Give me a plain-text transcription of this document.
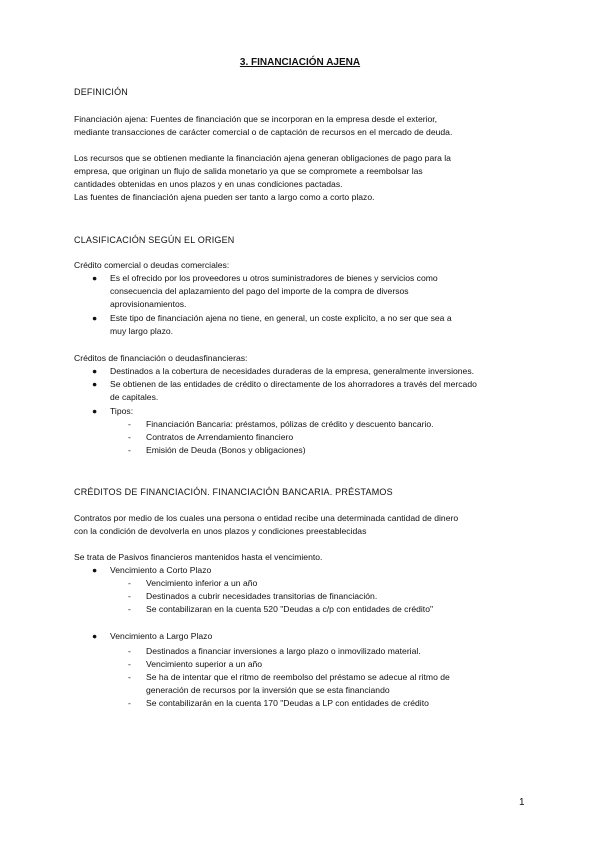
3. FINANCIACIÓN AJENA
DEFINICIÓN
Financiación ajena: Fuentes de financiación que se incorporan en la empresa desde el exterior,
mediante transacciones de carácter comercial o de captación de recursos en el mercado de deuda.
Los recursos que se obtienen mediante la financiación ajena generan obligaciones de pago para la
empresa, que originan un flujo de salida monetario ya que se compromete a reembolsar las
cantidades obtenidas en unos plazos y en unas condiciones pactadas.
Las fuentes de financiación ajena pueden ser tanto a largo como a corto plazo.
CLASIFICACIÓN SEGÚN EL ORIGEN
Crédito comercial o deudas comerciales:
● Es el ofrecido por los proveedores u otros suministradores de bienes y servicios como
consecuencia del aplazamiento del pago del importe de la compra de diversos
aprovisionamientos.
● Este tipo de financiación ajena no tiene, en general, un coste explicito, a no ser que sea a
muy largo plazo.
Créditos de financiación o deudasfinancieras:
● Destinados a la cobertura de necesidades duraderas de la empresa, generalmente inversiones.
● Se obtienen de las entidades de crédito o directamente de los ahorradores a través del mercado
de capitales.
● Tipos:
- Financiación Bancaria: préstamos, pólizas de crédito y descuento bancario.
- Contratos de Arrendamiento financiero
- Emisión de Deuda (Bonos y obligaciones)
CRÉDITOS DE FINANCIACIÓN. FINANCIACIÓN BANCARIA. PRÉSTAMOS
Contratos por medio de los cuales una persona o entidad recibe una determinada cantidad de dinero
con la condición de devolverla en unos plazos y condiciones preestablecidas
Se trata de Pasivos financieros mantenidos hasta el vencimiento.
● Vencimiento a Corto Plazo
- Vencimiento inferior a un año
- Destinados a cubrir necesidades transitorias de financiación.
- Se contabilizaran en la cuenta 520 "Deudas a c/p con entidades de crédito"
● Vencimiento a Largo Plazo
- Destinados a financiar inversiones a largo plazo o inmovilizado material.
- Vencimiento superior a un año
- Se ha de intentar que el ritmo de reembolso del préstamo se adecue al ritmo de
generación de recursos por la inversión que se esta financiando
- Se contabilizarán en la cuenta 170 "Deudas a LP con entidades de crédito
1
